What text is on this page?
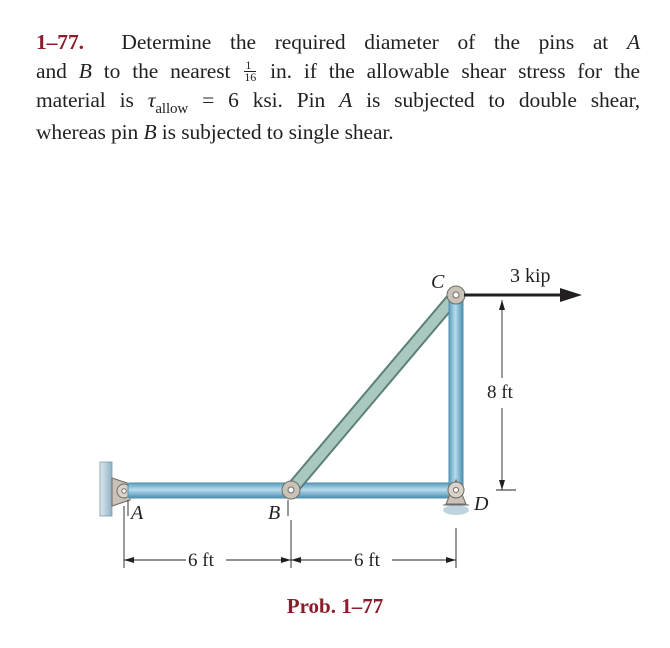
1–77. Determine the required diameter of the pins at A
and B to the nearest $\frac{1}{16}$ in. if the allowable shear stress for the
material is $\tau_{allow} = 6$ ksi. Pin A is subjected to double shear,
whereas pin B is subjected to single shear.
A	B
C
D
3 kip
8 ft
6 ft	6 ft
Prob. 1–77
